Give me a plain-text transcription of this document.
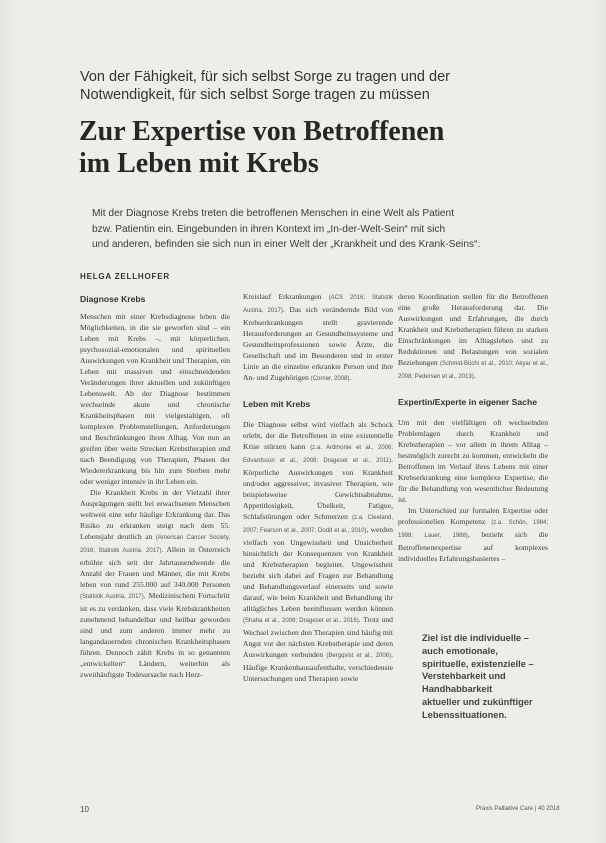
Von der Fähigkeit, für sich selbst Sorge zu tragen und der
Notwendigkeit, für sich selbst Sorge tragen zu müssen
Zur Expertise von Betroffenen
im Leben mit Krebs
Mit der Diagnose Krebs treten die betroffenen Menschen in eine Welt als Patient
bzw. Patientin ein. Eingebunden in ihren Kontext im „In-der-Welt-Sein“ mit sich
und anderen, befinden sie sich nun in einer Welt der „Krankheit und des Krank-Seins“.
HELGA ZELLHOFER
Diagnose Krebs

Menschen mit einer Krebsdiagnose leben die Möglichkeiten, in die sie geworfen sind – ein Leben mit Krebs –, mit körperlichen, psychosozial-emotionalen und spirituellen Auswirkungen von Krankheit und Therapien, ein Leben mit massiven und einschneidenden Veränderungen ihrer aktuellen und zukünftigen Lebenswelt. Ab der Diagnose bestimmen wechselnde akute und chronische Krankheitsphasen mit vielgestaltigen, oft komplexen Problemstellungen, Anforderungen und Beschränkungen ihren Alltag. Von nun an greifen über weite Strecken Krebstherapien und nach Beendigung von Therapien, Phasen der Wiedererkrankung bis hin zum Sterben mehr oder weniger intensiv in ihr Leben ein.

Die Krankheit Krebs in der Vielzahl ihrer Ausprägungen stellt bei erwachsenen Menschen weltweit eine sehr häufige Erkrankung dar. Das Risiko zu erkranken steigt nach dem 55. Lebensjahr deutlich an (American Cancer Society, 2016; Statistik Austria, 2017). Allein in Österreich erhöhte sich seit der Jahrtausendwende die Anzahl der Frauen und Männer, die mit Krebs leben von rund 255.000 auf 340.000 Personen (Statistik Austria, 2017). Medizinischem Fortschritt ist es zu verdanken, dass viele Krebskrankheiten zunehmend behandelbar und heilbar geworden sind und zum anderen immer mehr zu langandauernden chronischen Krankheitsphasen führen. Dennoch zählt Krebs in so genannten „entwickelten“ Ländern, weiterhin als zweithäufigste Todesursache nach Herz-

Kreislauf Erkrankungen (ACS 2016; Statistik Austria, 2017). Das sich verändernde Bild von Krebserkrankungen stellt gravierende Herausforderungen an Gesundheitssysteme und Gesundheitsprofessionen sowie Ärzte, die Gesellschaft und im Besonderen und in erster Linie an die einzelne erkrankte Person und ihre An- und Zugehörigen (Corner, 2008).

Leben mit Krebs

Die Diagnose selbst wird vielfach als Schock erlebt, der die Betroffenen in eine existentielle Krise stürzen kann (z.a. Ardmonie et al., 2006; Edvardsson et al., 2008; Drageset et al., 2011). Körperliche Auswirkungen von Krankheit und/oder aggressiver, invasiver Therapien, wie beispielsweise Gewichtsabnahme, Appetitlosigkeit, Übelkeit, Fatigue, Schlafstörungen oder Schmerzen (z.a. Cleeland, 2007; Fearson et al., 2007; Dodd et al., 2010), werden vielfach von Ungewissheit und Unsicherheit hinsichtlich der Konsequenzen von Krankheit und Krebstherapien begleitet. Ungewissheit bezieht sich dabei auf Fragen zur Behandlung und Behandlungsverlauf einerseits und sowie darauf, wie beim Krankheit und Behandlung ihr alltägliches Leben beeinflussen werden können (Shaha et al., 2008; Drageset et al., 2016). Trotz und Wechsel zwischen den Therapien sind häufig mit Angst vor der nächsten Krebstherapie und deren Auswirkungen verbunden (Bergqvist et al., 2006). Häufige Krankenhausaufenthalte, verschiedenste Untersuchungen und Therapien sowie

deren Koordination stellen für die Betroffenen eine große Herausforderung dar. Die Auswirkungen und Erfahrungen, die durch Krankheit und Krebstherapien führen zu starken Einschränkungen im Alltagsleben und zu Reduktionen und Belastungen von sozialen Beziehungen (Schmid-Büchi et al., 2010; Akyar et al., 2008; Pedersen et al., 2013).

Expertin/Experte in eigener Sache

Um mit den vielfältigen oft wechselnden Problemlagen durch Krankheit und Krebstherapien – vor allem in ihrem Alltag – bestmöglich zurecht zu kommen, entwickeln die Betroffenen im Verlauf ihres Lebens mit einer Krebserkrankung eine komplexe Expertise, die für die Behandlung von wesentlicher Bedeutung ist.

Im Unterschied zur formalen Expertise oder professionellen Kompetenz (z.a. Schön, 1984; 1998; Lauer, 1988), bezieht sich die Betroffenenexpertise auf komplexes individuelles Erfahrungsbasiertes –

Ziel ist die individuelle –
auch emotionale,
spirituelle, existenzielle –
Verstehbarkeit und
Handhabbarkeit
aktueller und zukünftiger
Lebenssituationen.
10	Praxis Palliative Care | 40 2018
